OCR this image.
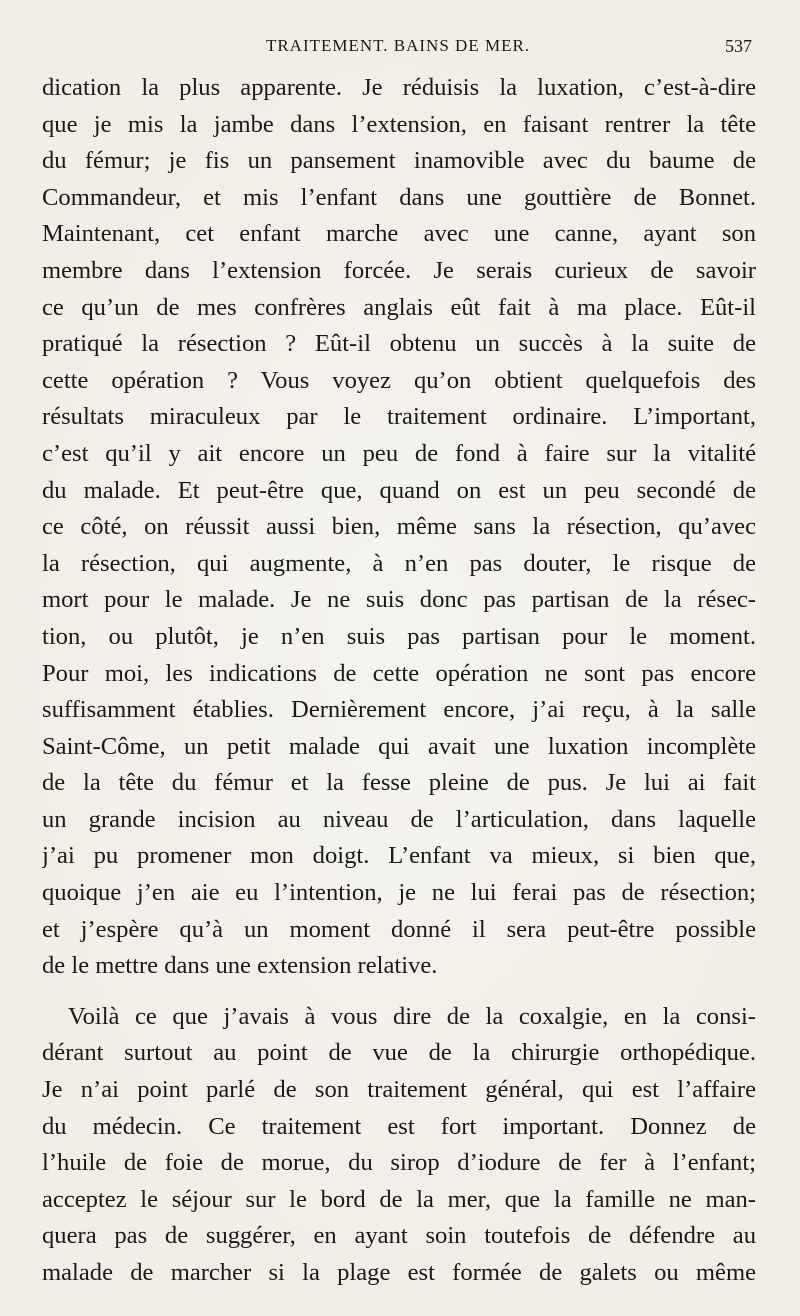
TRAITEMENT. BAINS DE MER.	537
dication la plus apparente. Je réduisis la luxation, c’est-à-dire
que je mis la jambe dans l’extension, en faisant rentrer la tête
du fémur; je fis un pansement inamovible avec du baume de
Commandeur, et mis l’enfant dans une gouttière de Bonnet.
Maintenant, cet enfant marche avec une canne, ayant son
membre dans l’extension forcée. Je serais curieux de savoir
ce qu’un de mes confrères anglais eût fait à ma place. Eût-il
pratiqué la résection ? Eût-il obtenu un succès à la suite de
cette opération ? Vous voyez qu’on obtient quelquefois des
résultats miraculeux par le traitement ordinaire. L’important,
c’est qu’il y ait encore un peu de fond à faire sur la vitalité
du malade. Et peut-être que, quand on est un peu secondé de
ce côté, on réussit aussi bien, même sans la résection, qu’avec
la résection, qui augmente, à n’en pas douter, le risque de
mort pour le malade. Je ne suis donc pas partisan de la résec-
tion, ou plutôt, je n’en suis pas partisan pour le moment.
Pour moi, les indications de cette opération ne sont pas encore
suffisamment établies. Dernièrement encore, j’ai reçu, à la salle
Saint-Côme, un petit malade qui avait une luxation incomplète
de la tête du fémur et la fesse pleine de pus. Je lui ai fait
un grande incision au niveau de l’articulation, dans laquelle
j’ai pu promener mon doigt. L’enfant va mieux, si bien que,
quoique j’en aie eu l’intention, je ne lui ferai pas de résection;
et j’espère qu’à un moment donné il sera peut-être possible
de le mettre dans une extension relative.
Voilà ce que j’avais à vous dire de la coxalgie, en la consi-
dérant surtout au point de vue de la chirurgie orthopédique.
Je n’ai point parlé de son traitement général, qui est l’affaire
du médecin. Ce traitement est fort important. Donnez de
l’huile de foie de morue, du sirop d’iodure de fer à l’enfant;
acceptez le séjour sur le bord de la mer, que la famille ne man-
quera pas de suggérer, en ayant soin toutefois de défendre au
malade de marcher si la plage est formée de galets ou même
